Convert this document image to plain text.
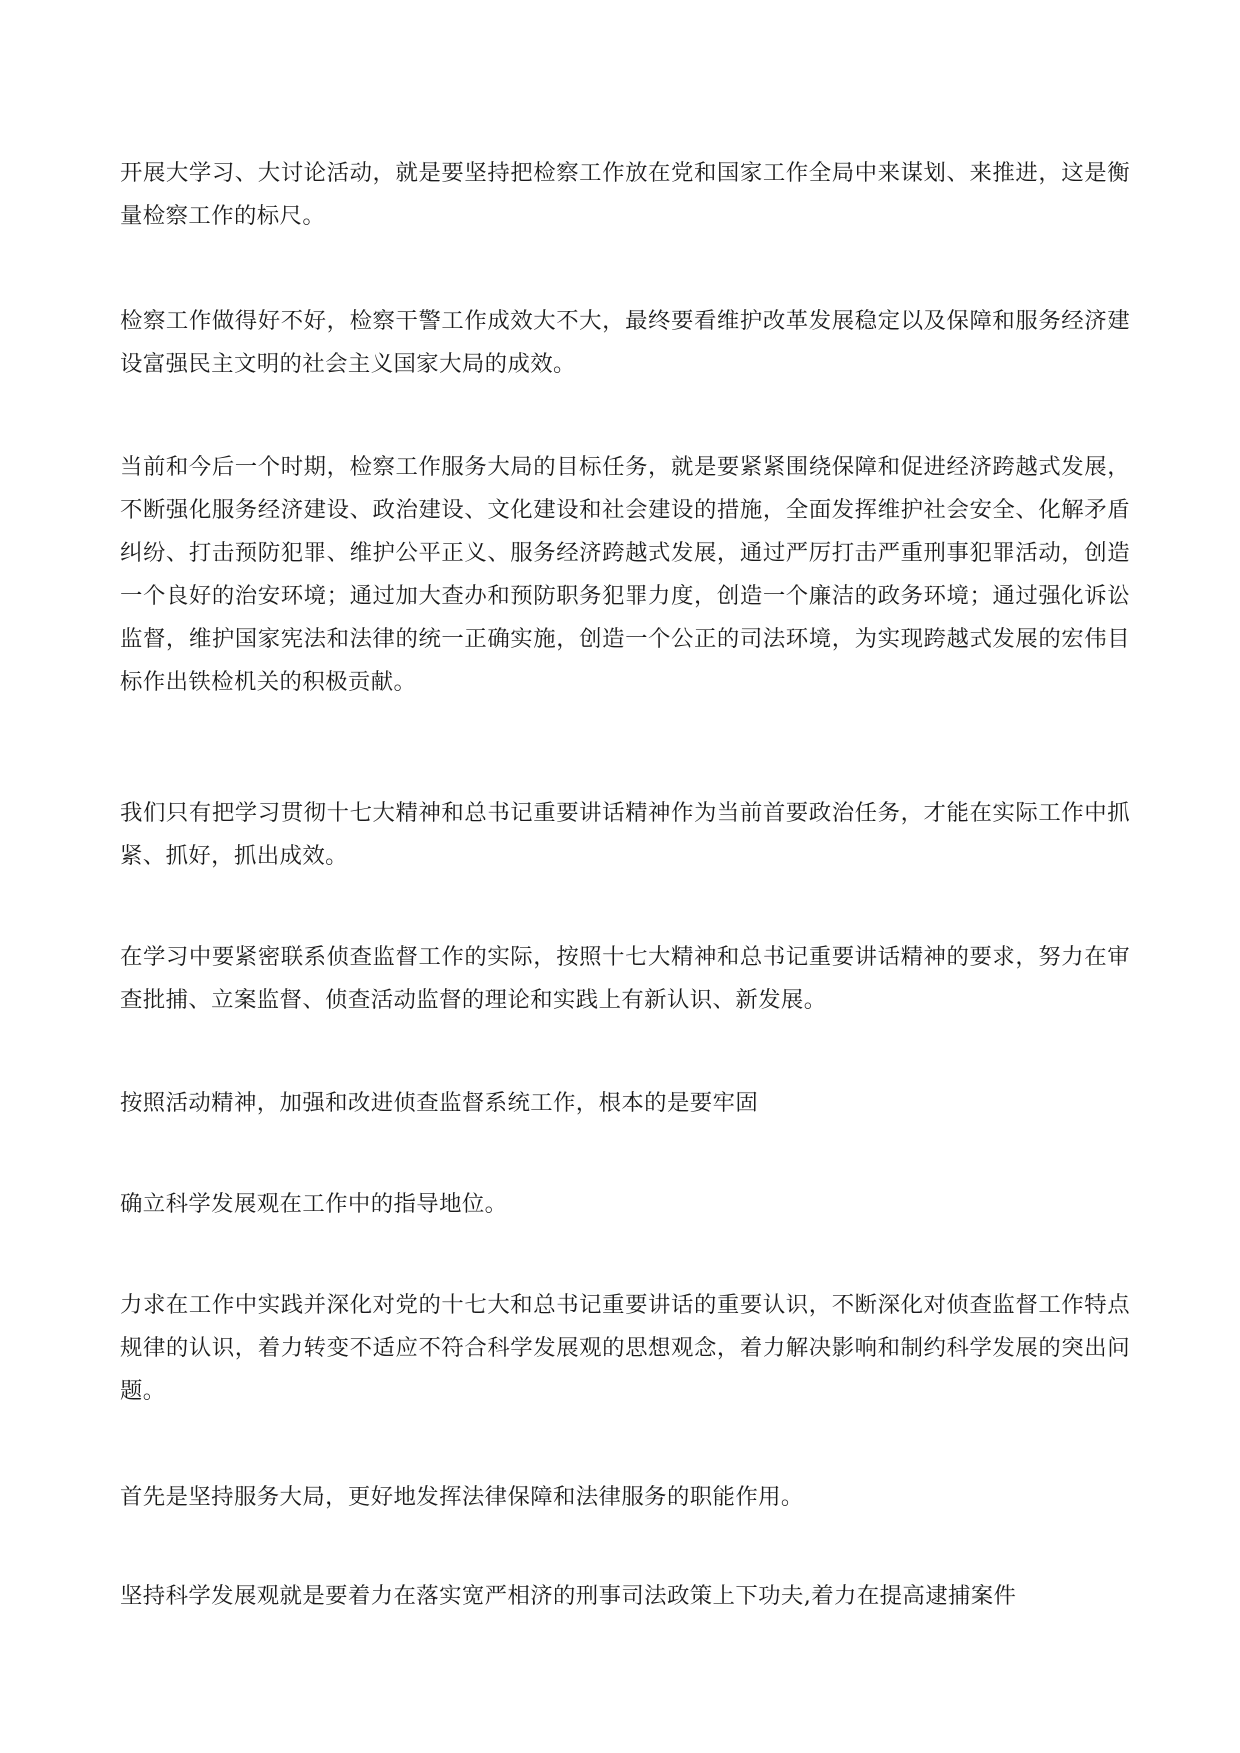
开展大学习、大讨论活动，就是要坚持把检察工作放在党和国家工作全局中来谋划、来推进，这是衡量检察工作的标尺。

检察工作做得好不好，检察干警工作成效大不大，最终要看维护改革发展稳定以及保障和服务经济建设富强民主文明的社会主义国家大局的成效。

当前和今后一个时期，检察工作服务大局的目标任务，就是要紧紧围绕保障和促进经济跨越式发展，不断强化服务经济建设、政治建设、文化建设和社会建设的措施，全面发挥维护社会安全、化解矛盾纠纷、打击预防犯罪、维护公平正义、服务经济跨越式发展，通过严厉打击严重刑事犯罪活动，创造一个良好的治安环境；通过加大查办和预防职务犯罪力度，创造一个廉洁的政务环境；通过强化诉讼监督，维护国家宪法和法律的统一正确实施，创造一个公正的司法环境，为实现跨越式发展的宏伟目标作出铁检机关的积极贡献。

我们只有把学习贯彻十七大精神和总书记重要讲话精神作为当前首要政治任务，才能在实际工作中抓紧、抓好，抓出成效。

在学习中要紧密联系侦查监督工作的实际，按照十七大精神和总书记重要讲话精神的要求，努力在审查批捕、立案监督、侦查活动监督的理论和实践上有新认识、新发展。

按照活动精神，加强和改进侦查监督系统工作，根本的是要牢固

确立科学发展观在工作中的指导地位。

力求在工作中实践并深化对党的十七大和总书记重要讲话的重要认识，不断深化对侦查监督工作特点规律的认识，着力转变不适应不符合科学发展观的思想观念，着力解决影响和制约科学发展的突出问题。

首先是坚持服务大局，更好地发挥法律保障和法律服务的职能作用。

坚持科学发展观就是要着力在落实宽严相济的刑事司法政策上下功夫,着力在提高逮捕案件
